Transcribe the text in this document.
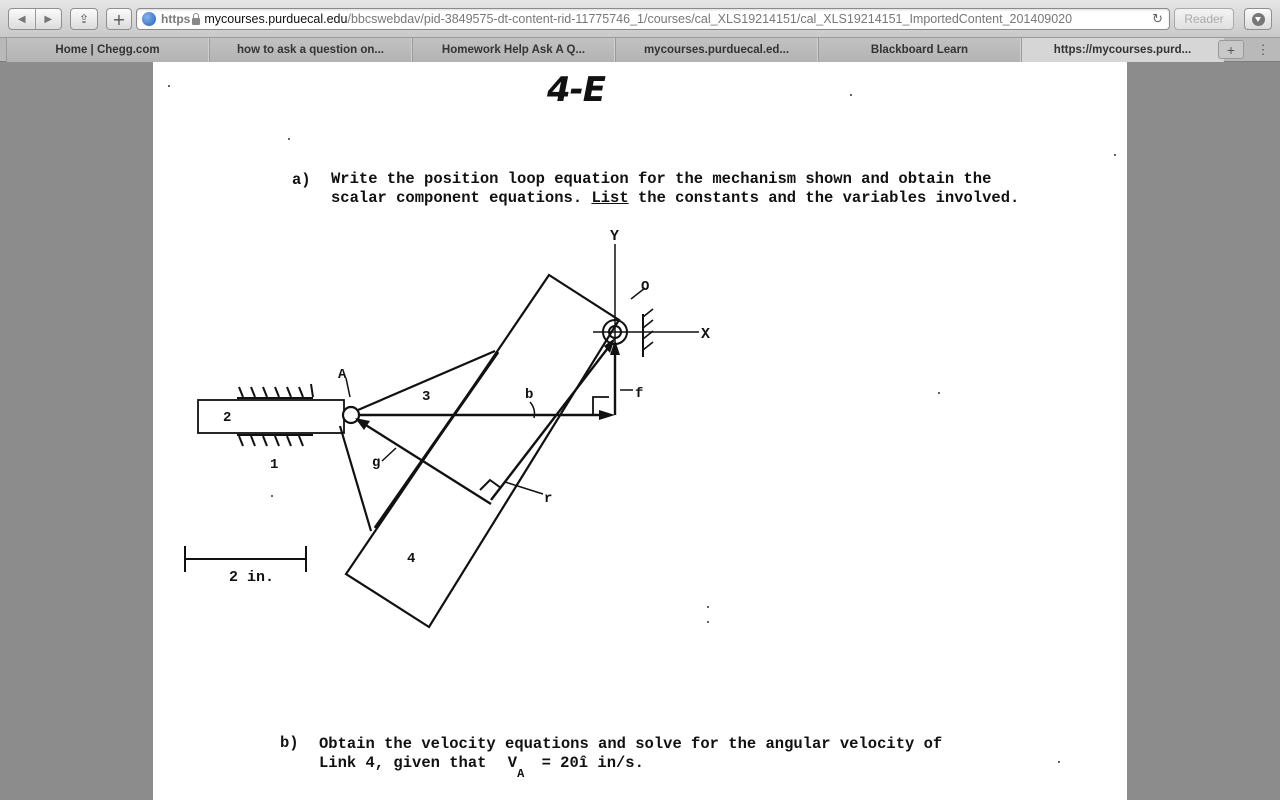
◀	▶	⇪	+	https mycourses.purduecal.edu /bbcswebdav/pid-3849575-dt-content-rid-11775746_1/courses/cal_XLS19214151/cal_XLS19214151_ImportedContent_201409020	↻	Reader
Home | Chegg.com	how to ask a question on...	Homework Help Ask A Q...	mycourses.purduecal.ed...	Blackboard Learn	https://mycourses.purd...	+	⋮
4-E
a) Write the position loop equation for the mechanism shown and obtain the scalar component equations. List the constants and the variables involved.
Y
X
O
A
2
1
3
4
b
g
r
f
2 in.
b) Obtain the velocity equations and solve for the angular velocity of
Link 4, given that $V_A$ = 20î in/s.
